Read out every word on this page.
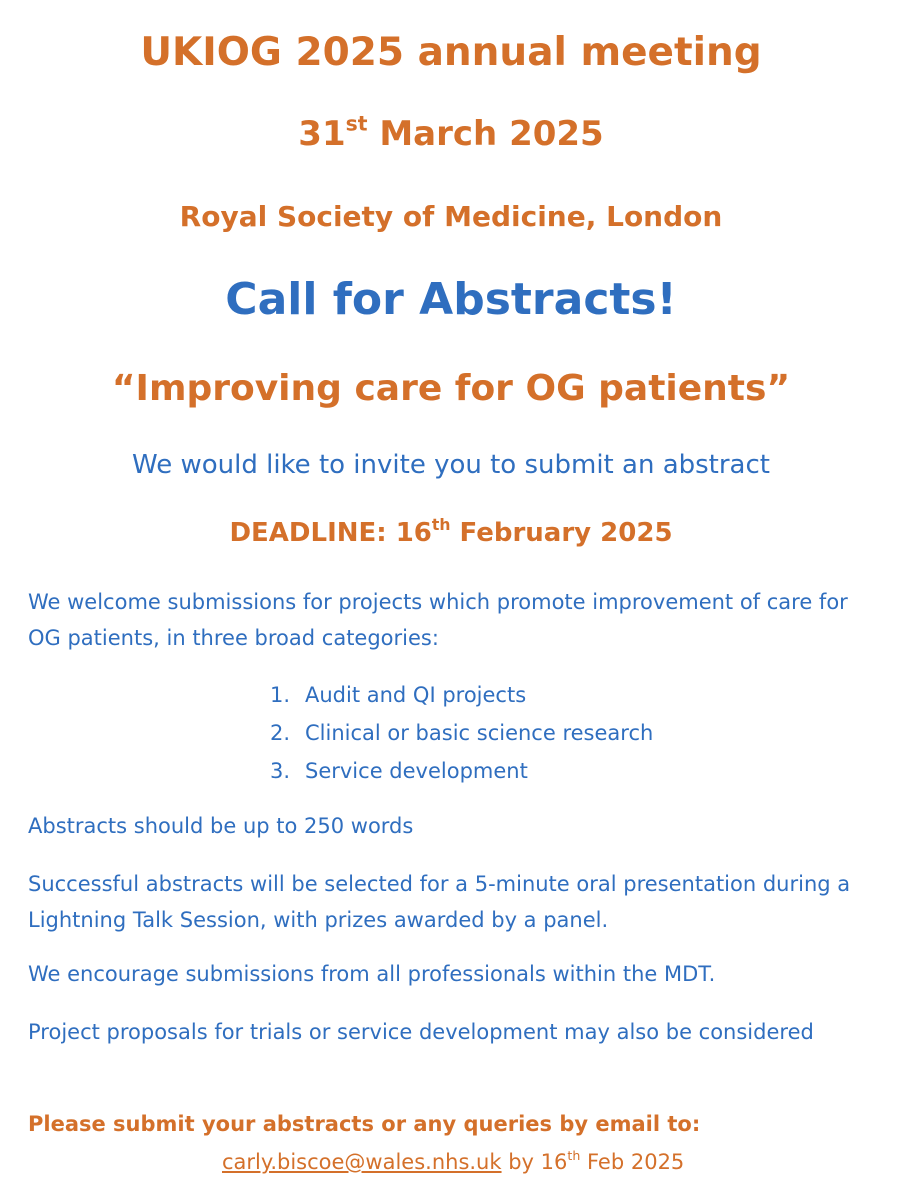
UKIOG 2025 annual meeting
31st March 2025
Royal Society of Medicine, London
Call for Abstracts!
“Improving care for OG patients”
We would like to invite you to submit an abstract
DEADLINE: 16th February 2025
We welcome submissions for projects which promote improvement of care for
OG patients, in three broad categories:
1. Audit and QI projects
2. Clinical or basic science research
3. Service development
Abstracts should be up to 250 words
Successful abstracts will be selected for a 5-minute oral presentation during a
Lightning Talk Session, with prizes awarded by a panel.
We encourage submissions from all professionals within the MDT.
Project proposals for trials or service development may also be considered
Please submit your abstracts or any queries by email to:
carly.biscoe@wales.nhs.uk by 16th Feb 2025
